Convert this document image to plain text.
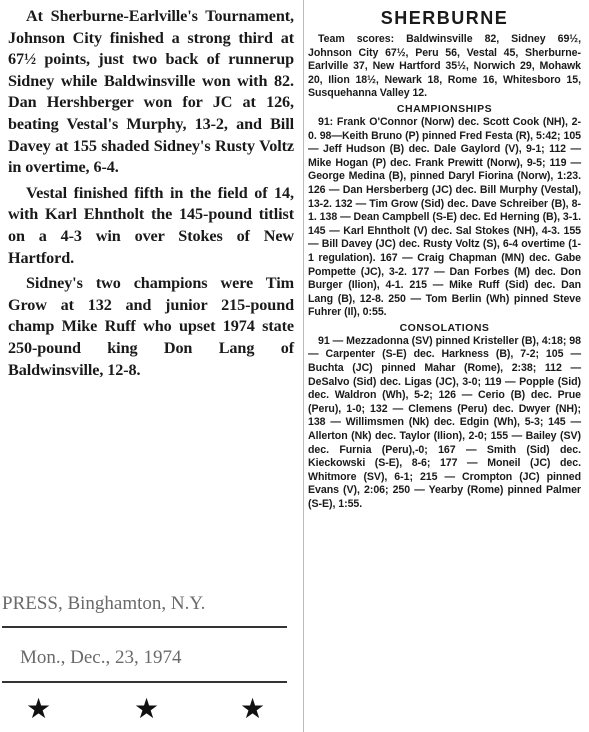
At Sherburne-Earlville's Tournament, Johnson City finished a strong third at 67½ points, just two back of runnerup Sidney while Baldwinsville won with 82. Dan Hershberger won for JC at 126, beating Vestal's Murphy, 13-2, and Bill Davey at 155 shaded Sidney's Rusty Voltz in overtime, 6-4.

Vestal finished fifth in the field of 14, with Karl Ehntholt the 145-pound titlist on a 4-3 win over Stokes of New Hartford.

Sidney's two champions were Tim Grow at 132 and junior 215-pound champ Mike Ruff who upset 1974 state 250-pound king Don Lang of Baldwinsville, 12-8.

PRESS, Binghamton, N.Y.
Mon., Dec., 23, 1974
★	★	★
SHERBURNE

Team scores: Baldwinsville 82, Sidney 69½, Johnson City 67½, Peru 56, Vestal 45, Sherburne-Earlville 37, New Hartford 35½, Norwich 29, Mohawk 20, Ilion 18½, Newark 18, Rome 16, Whitesboro 15, Susquehanna Valley 12.

CHAMPIONSHIPS

91: Frank O'Connor (Norw) dec. Scott Cook (NH), 2-0. 98—Keith Bruno (P) pinned Fred Festa (R), 5:42; 105 — Jeff Hudson (B) dec. Dale Gaylord (V), 9-1; 112 — Mike Hogan (P) dec. Frank Prewitt (Norw), 9-5; 119 — George Medina (B), pinned Daryl Fiorina (Norw), 1:23. 126 — Dan Hersberberg (JC) dec. Bill Murphy (Vestal), 13-2. 132 — Tim Grow (Sid) dec. Dave Schreiber (B), 8-1. 138 — Dean Campbell (S-E) dec. Ed Herning (B), 3-1. 145 — Karl Ehntholt (V) dec. Sal Stokes (NH), 4-3. 155 — Bill Davey (JC) dec. Rusty Voltz (S), 6-4 overtime (1-1 regulation). 167 — Craig Chapman (MN) dec. Gabe Pompette (JC), 3-2. 177 — Dan Forbes (M) dec. Don Burger (Ilion), 4-1. 215 — Mike Ruff (Sid) dec. Dan Lang (B), 12-8. 250 — Tom Berlin (Wh) pinned Steve Fuhrer (Il), 0:55.

CONSOLATIONS

91 — Mezzadonna (SV) pinned Kristeller (B), 4:18; 98 — Carpenter (S-E) dec. Harkness (B), 7-2; 105 — Buchta (JC) pinned Mahar (Rome), 2:38; 112 — DeSalvo (Sid) dec. Ligas (JC), 3-0; 119 — Popple (Sid) dec. Waldron (Wh), 5-2; 126 — Cerio (B) dec. Prue (Peru), 1-0; 132 — Clemens (Peru) dec. Dwyer (NH); 138 — Willimsmen (Nk) dec. Edgin (Wh), 5-3; 145 — Allerton (Nk) dec. Taylor (Ilion), 2-0; 155 — Bailey (SV) dec. Furnia (Peru),-0; 167 — Smith (Sid) dec. Kieckowski (S-E), 8-6; 177 — Moneil (JC) dec. Whitmore (SV), 6-1; 215 — Crompton (JC) pinned Evans (V), 2:06; 250 — Yearby (Rome) pinned Palmer (S-E), 1:55.
